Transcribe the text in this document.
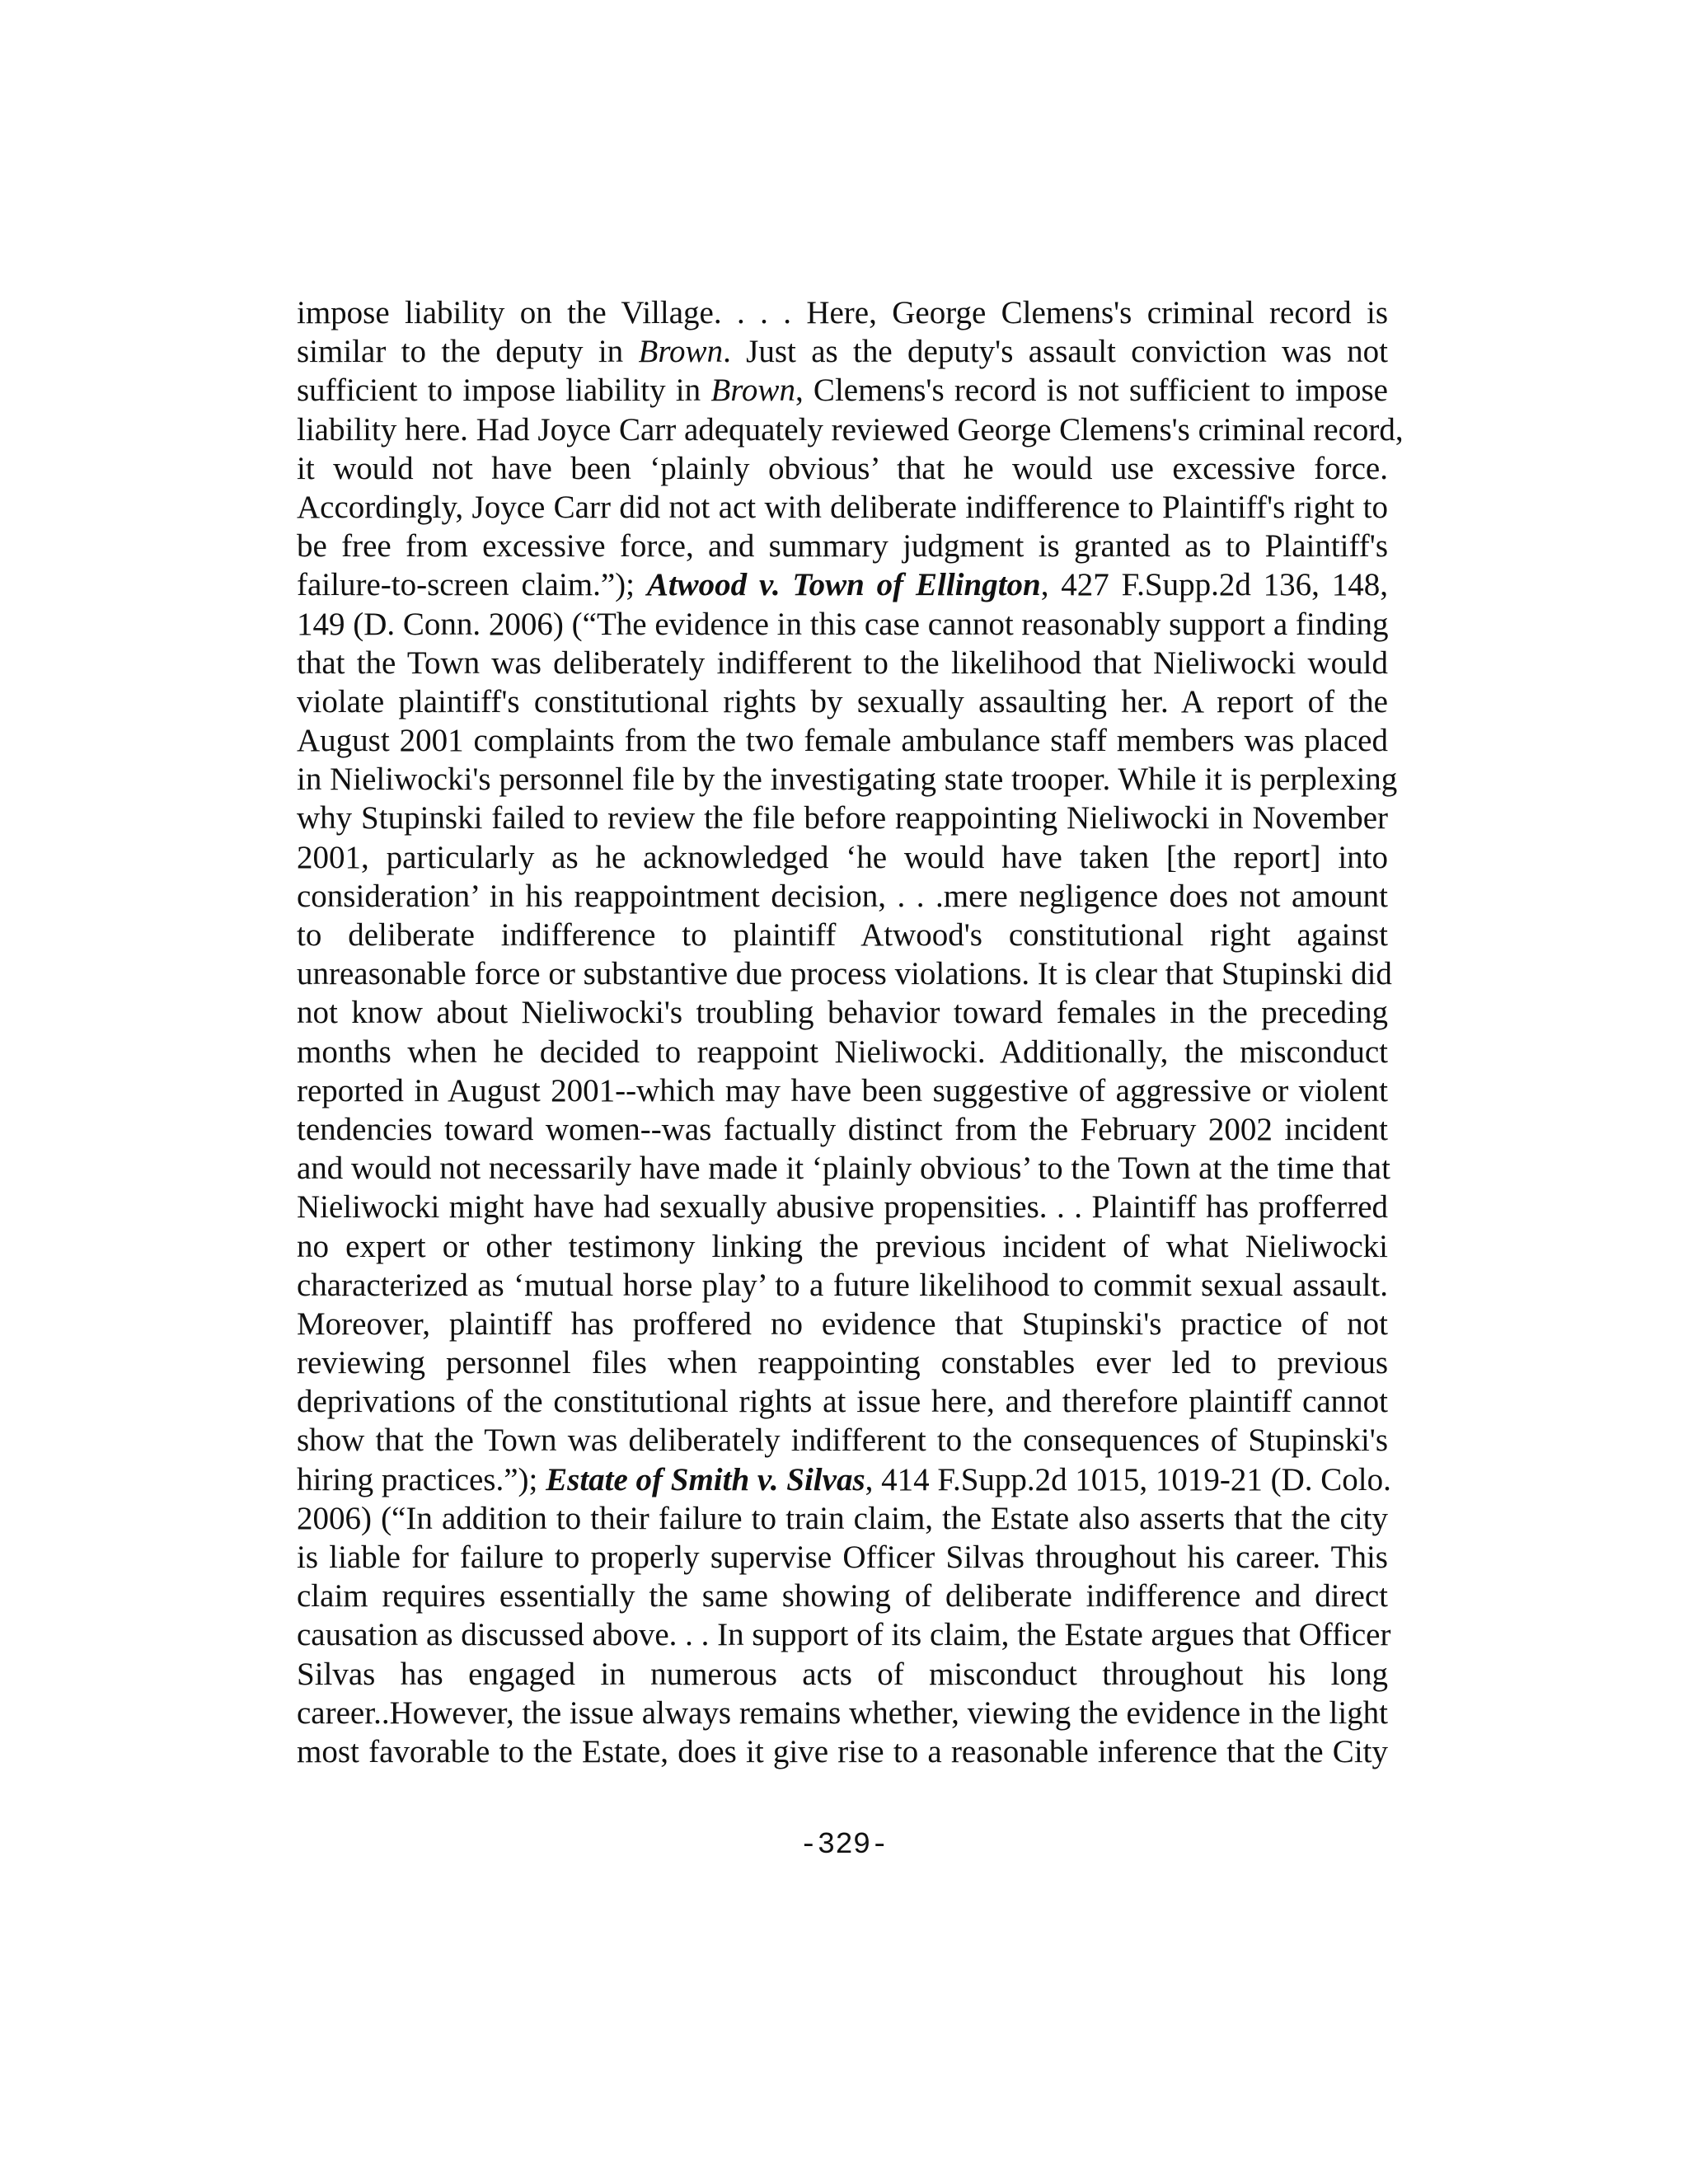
impose liability on the Village. . . . Here, George Clemens's criminal record is
similar to the deputy in Brown. Just as the deputy's assault conviction was not
sufficient to impose liability in Brown, Clemens's record is not sufficient to impose
liability here. Had Joyce Carr adequately reviewed George Clemens's criminal record,
it would not have been ‘plainly obvious’ that he would use excessive force.
Accordingly, Joyce Carr did not act with deliberate indifference to Plaintiff's right to
be free from excessive force, and summary judgment is granted as to Plaintiff's
failure-to-screen claim.”); Atwood v. Town of Ellington, 427 F.Supp.2d 136, 148,
149 (D. Conn. 2006) (“The evidence in this case cannot reasonably support a finding
that the Town was deliberately indifferent to the likelihood that Nieliwocki would
violate plaintiff's constitutional rights by sexually assaulting her. A report of the
August 2001 complaints from the two female ambulance staff members was placed
in Nieliwocki's personnel file by the investigating state trooper. While it is perplexing
why Stupinski failed to review the file before reappointing Nieliwocki in November
2001, particularly as he acknowledged ‘he would have taken [the report] into
consideration’ in his reappointment decision, . . .mere negligence does not amount
to deliberate indifference to plaintiff Atwood's constitutional right against
unreasonable force or substantive due process violations. It is clear that Stupinski did
not know about Nieliwocki's troubling behavior toward females in the preceding
months when he decided to reappoint Nieliwocki. Additionally, the misconduct
reported in August 2001--which may have been suggestive of aggressive or violent
tendencies toward women--was factually distinct from the February 2002 incident
and would not necessarily have made it ‘plainly obvious’ to the Town at the time that
Nieliwocki might have had sexually abusive propensities. . . Plaintiff has profferred
no expert or other testimony linking the previous incident of what Nieliwocki
characterized as ‘mutual horse play’ to a future likelihood to commit sexual assault.
Moreover, plaintiff has proffered no evidence that Stupinski's practice of not
reviewing personnel files when reappointing constables ever led to previous
deprivations of the constitutional rights at issue here, and therefore plaintiff cannot
show that the Town was deliberately indifferent to the consequences of Stupinski's
hiring practices.”); Estate of Smith v. Silvas, 414 F.Supp.2d 1015, 1019-21 (D. Colo.
2006) (“In addition to their failure to train claim, the Estate also asserts that the city
is liable for failure to properly supervise Officer Silvas throughout his career. This
claim requires essentially the same showing of deliberate indifference and direct
causation as discussed above. . . In support of its claim, the Estate argues that Officer
Silvas has engaged in numerous acts of misconduct throughout his long
career..However, the issue always remains whether, viewing the evidence in the light
most favorable to the Estate, does it give rise to a reasonable inference that the City
-329-
